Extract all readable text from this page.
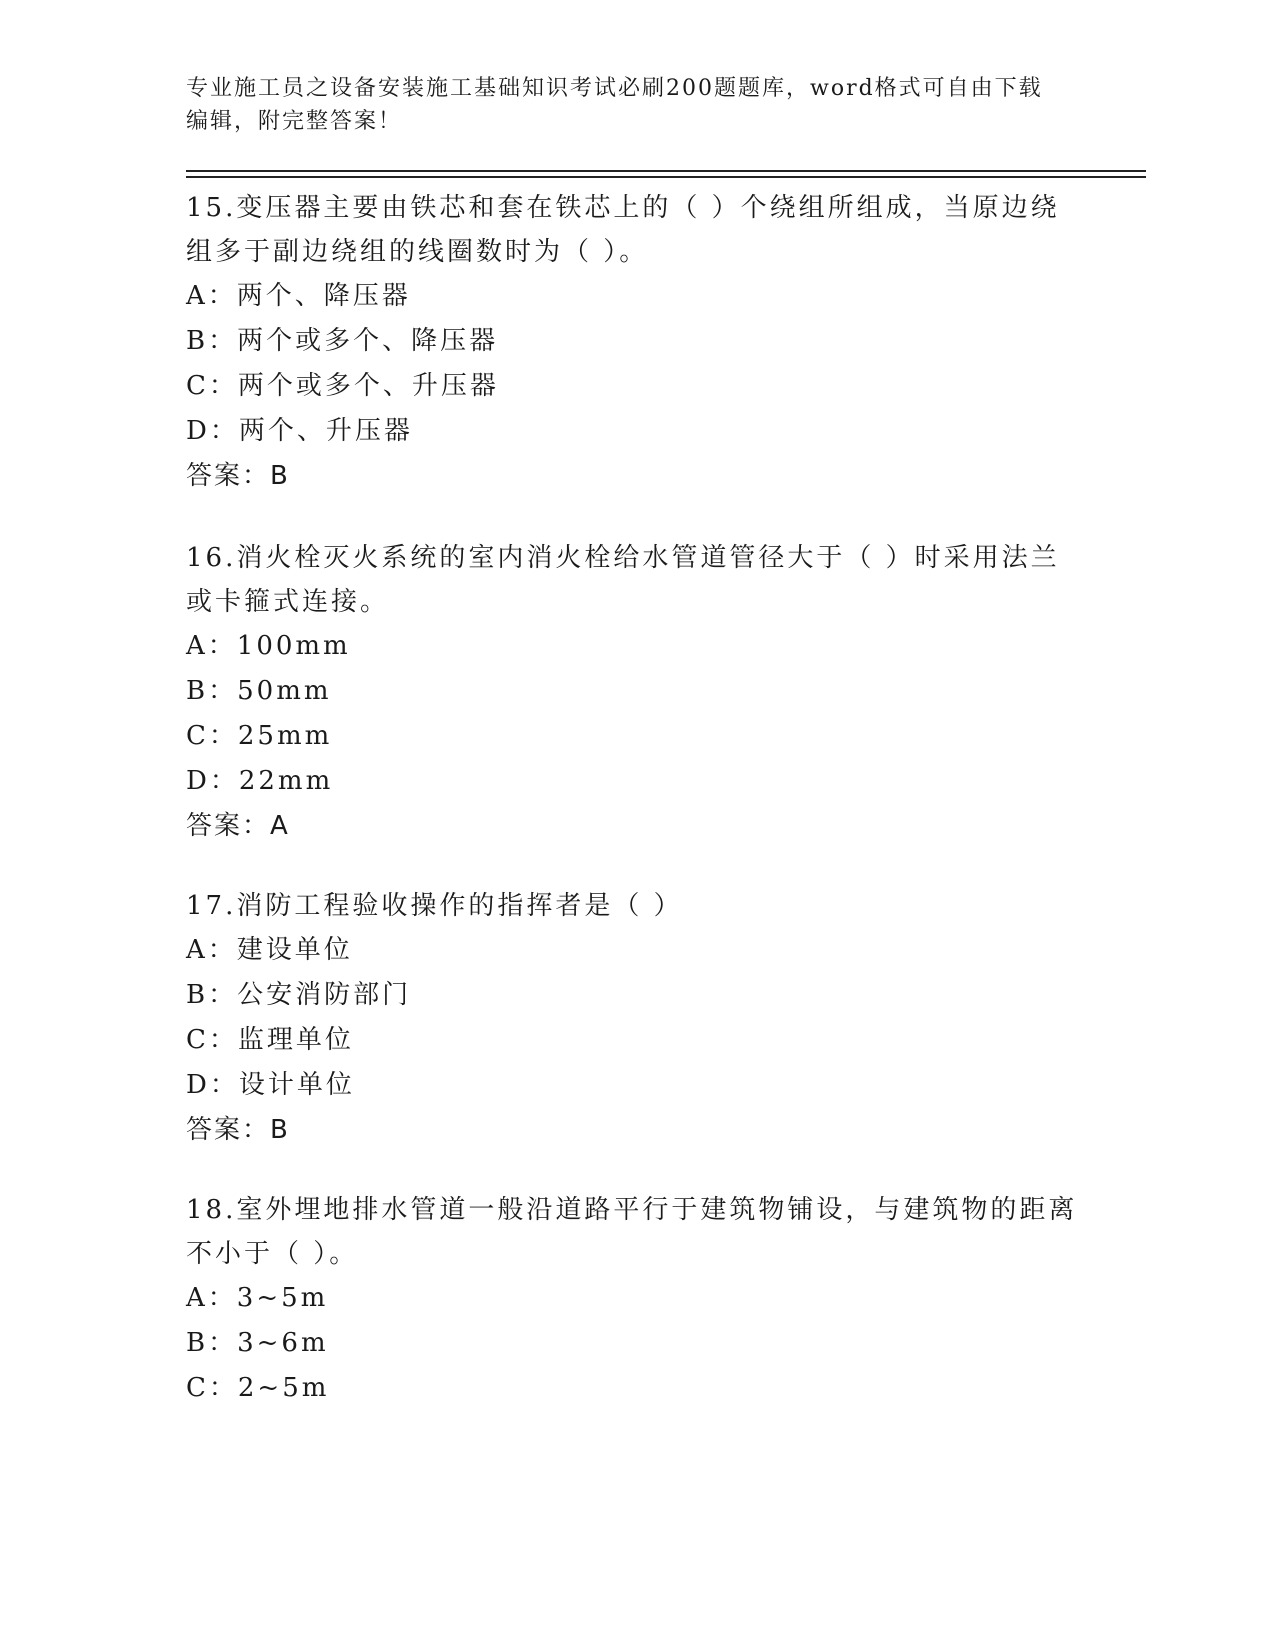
专业施工员之设备安装施工基础知识考试必刷200题题库，word格式可自由下载编辑，附完整答案！
15.变压器主要由铁芯和套在铁芯上的（ ）个绕组所组成，当原边绕组多于副边绕组的线圈数时为（ ）。
A：两个、降压器
B：两个或多个、降压器
C：两个或多个、升压器
D：两个、升压器
答案：B
16.消火栓灭火系统的室内消火栓给水管道管径大于（ ）时采用法兰或卡箍式连接。
A：100mm
B：50mm
C：25mm
D：22mm
答案：A
17.消防工程验收操作的指挥者是（ ）
A：建设单位
B：公安消防部门
C：监理单位
D：设计单位
答案：B
18.室外埋地排水管道一般沿道路平行于建筑物铺设，与建筑物的距离不小于（ ）。
A：3~5m
B：3~6m
C：2~5m
